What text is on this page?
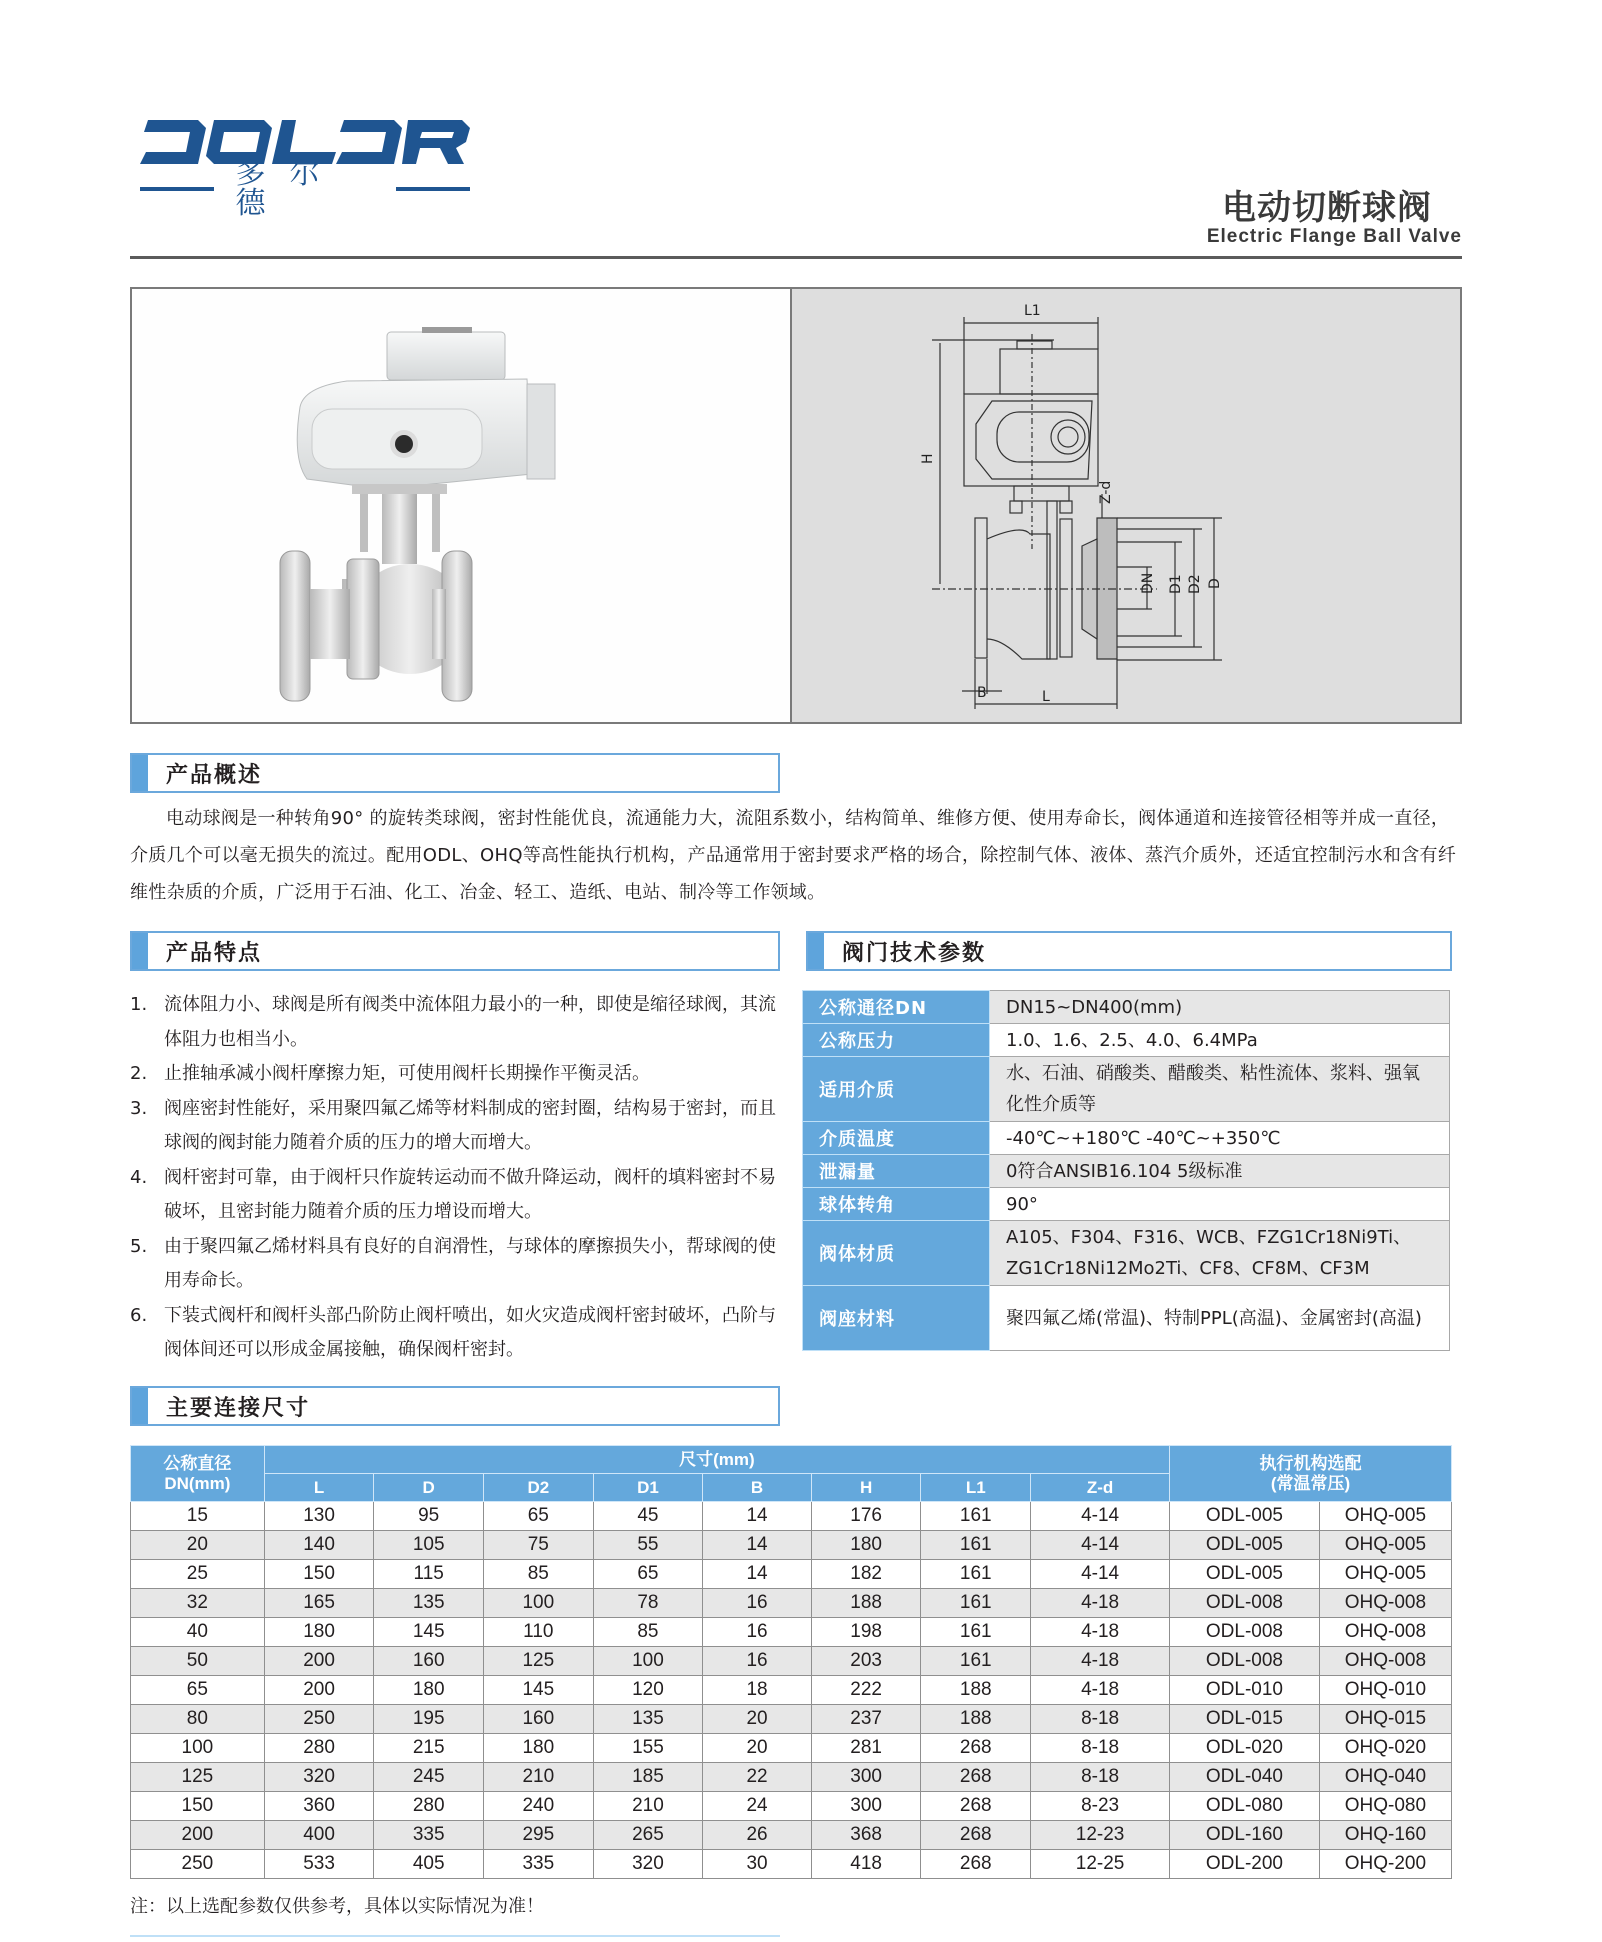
多尔德	电动切断球阀
Electric Flange Ball Valve
L1
H
DN D1 D2 D
Z-d
B	L
产品概述
电动球阀是一种转角90° 的旋转类球阀，密封性能优良，流通能力大，流阻系数小，结构简单、维修方便、使用寿命长，阀体通道和连接管径相等并成一直径，介质几个可以毫无损失的流过。配用ODL、OHQ等高性能执行机构，产品通常用于密封要求严格的场合，除控制气体、液体、蒸汽介质外，还适宜控制污水和含有纤维性杂质的介质，广泛用于石油、化工、冶金、轻工、造纸、电站、制冷等工作领域。
产品特点
1. 流体阻力小、球阀是所有阀类中流体阻力最小的一种，即使是缩径球阀，其流体阻力也相当小。
2. 止推轴承减小阀杆摩擦力矩，可使用阀杆长期操作平衡灵活。
3. 阀座密封性能好，采用聚四氟乙烯等材料制成的密封圈，结构易于密封，而且球阀的阀封能力随着介质的压力的增大而增大。
4. 阀杆密封可靠，由于阀杆只作旋转运动而不做升降运动，阀杆的填料密封不易破坏，且密封能力随着介质的压力增设而增大。
5. 由于聚四氟乙烯材料具有良好的自润滑性，与球体的摩擦损失小，帮球阀的使用寿命长。
6. 下装式阀杆和阀杆头部凸阶防止阀杆喷出，如火灾造成阀杆密封破坏，凸阶与阀体间还可以形成金属接触，确保阀杆密封。
阀门技术参数
公称通径DN	DN15~DN400(mm)
公称压力	1.0、1.6、2.5、4.0、6.4MPa
适用介质	水、石油、硝酸类、醋酸类、粘性流体、浆料、强氧化性介质等
介质温度	-40℃~+180℃ -40℃~+350℃
泄漏量	0符合ANSIB16.104 5级标准
球体转角	90°
阀体材质	A105、F304、F316、WCB、FZG1Cr18Ni9Ti、ZG1Cr18Ni12Mo2Ti、CF8、CF8M、CF3M
阀座材料	聚四氟乙烯(常温)、特制PPL(高温)、金属密封(高温)
主要连接尺寸
公称直径
DN(mm)
	尺寸(mm)	执行机构选配
(常温常压)

	L	D	D2	D1	B	H	L1	Z-d		
15	130	95	65	45	14	176	161	4-14	ODL-005	OHQ-005
20	140	105	75	55	14	180	161	4-14	ODL-005	OHQ-005
25	150	115	85	65	14	182	161	4-14	ODL-005	OHQ-005
32	165	135	100	78	16	188	161	4-18	ODL-008	OHQ-008
40	180	145	110	85	16	198	161	4-18	ODL-008	OHQ-008
50	200	160	125	100	16	203	161	4-18	ODL-008	OHQ-008
65	200	180	145	120	18	222	188	4-18	ODL-010	OHQ-010
80	250	195	160	135	20	237	188	8-18	ODL-015	OHQ-015
100	280	215	180	155	20	281	268	8-18	ODL-020	OHQ-020
125	320	245	210	185	22	300	268	8-18	ODL-040	OHQ-040
150	360	280	240	210	24	300	268	8-23	ODL-080	OHQ-080
200	400	335	295	265	26	368	268	12-23	ODL-160	OHQ-160
250	533	405	335	320	30	418	268	12-25	ODL-200	OHQ-200
注：以上选配参数仅供参考，具体以实际情况为准！
